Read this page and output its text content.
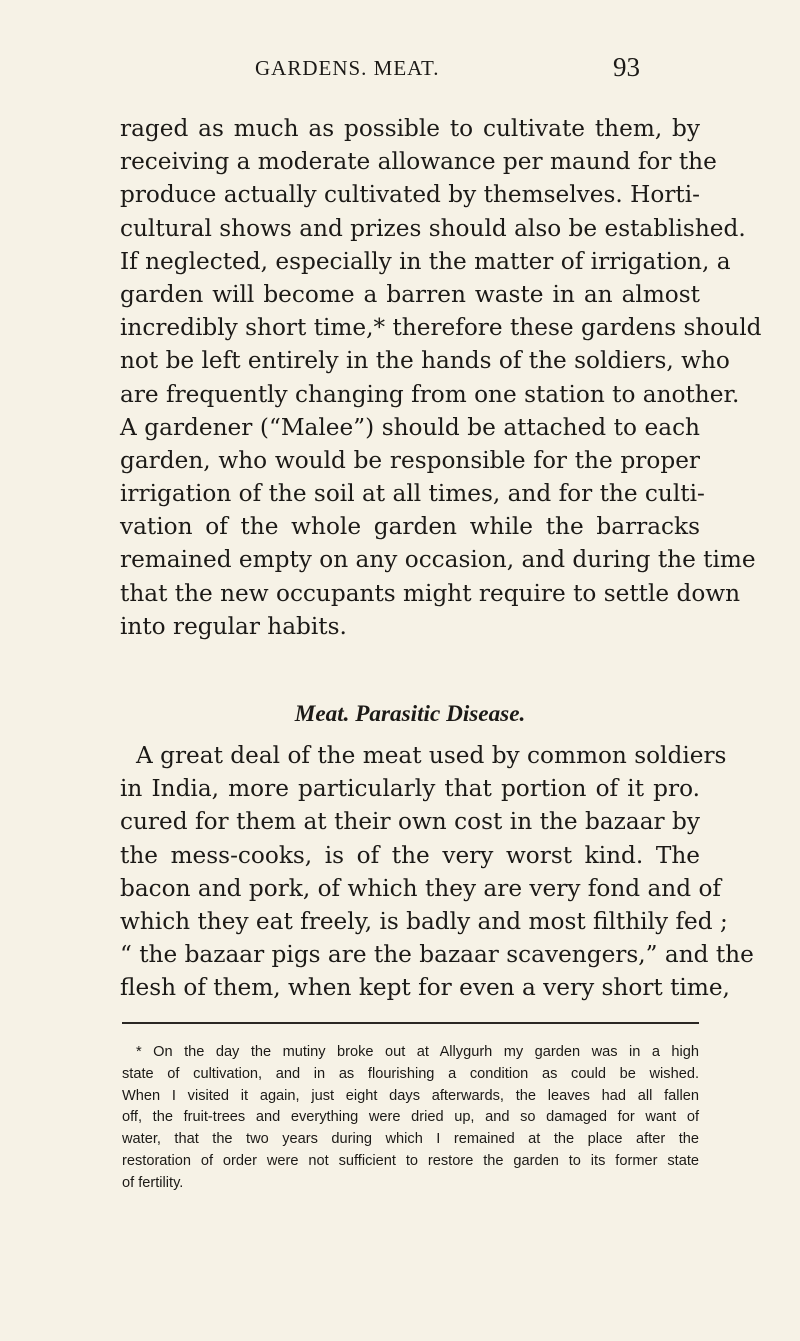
GARDENS. MEAT.	93
raged as much as possible to cultivate them, by
receiving a moderate allowance per maund for the
produce actually cultivated by themselves. Horti-
cultural shows and prizes should also be established.
If neglected, especially in the matter of irrigation, a
garden will become a barren waste in an almost
incredibly short time,* therefore these gardens should
not be left entirely in the hands of the soldiers, who
are frequently changing from one station to another.
A gardener (“Malee”) should be attached to each
garden, who would be responsible for the proper
irrigation of the soil at all times, and for the culti-
vation of the whole garden while the barracks
remained empty on any occasion, and during the time
that the new occupants might require to settle down
into regular habits.
Meat. Parasitic Disease.
A great deal of the meat used by common soldiers
in India, more particularly that portion of it pro.
cured for them at their own cost in the bazaar by
the mess-cooks, is of the very worst kind. The
bacon and pork, of which they are very fond and of
which they eat freely, is badly and most filthily fed ;
“ the bazaar pigs are the bazaar scavengers,” and the
flesh of them, when kept for even a very short time,
* On the day the mutiny broke out at Allygurh my garden was in a high
state of cultivation, and in as flourishing a condition as could be wished.
When I visited it again, just eight days afterwards, the leaves had all fallen
off, the fruit-trees and everything were dried up, and so damaged for want of
water, that the two years during which I remained at the place after the
restoration of order were not sufficient to restore the garden to its former state
of fertility.
